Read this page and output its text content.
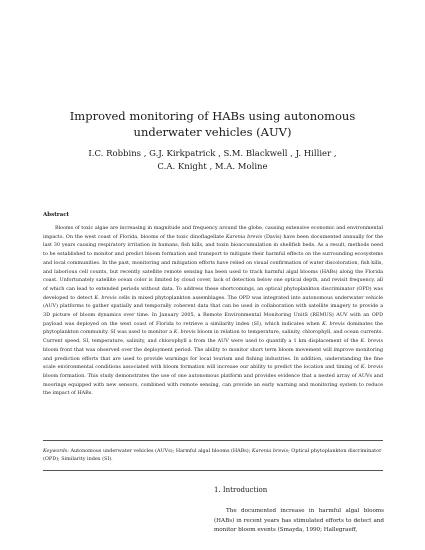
Improved monitoring of HABs using autonomous underwater vehicles (AUV)
I.C. Robbins , G.J. Kirkpatrick , S.M. Blackwell , J. Hillier ,
C.A. Knight , M.A. Moline
Abstract

Blooms of toxic algae are increasing in magnitude and frequency around the globe, causing extensive economic and environmental impacts. On the west coast of Florida, blooms of the toxic dinoflagellate Karenia brevis (Davis) have been documented annually for the last 30 years causing respiratory irritation in humans, fish kills, and toxin bioaccumulation in shellfish beds. As a result, methods need to be established to monitor and predict bloom formation and transport to mitigate their harmful effects on the surrounding ecosystems and local communities. In the past, monitoring and mitigation efforts have relied on visual confirmation of water discoloration, fish kills, and laborious cell counts, but recently satellite remote sensing has been used to track harmful algal blooms (HABs) along the Florida coast. Unfortunately satellite ocean color is limited by cloud cover, lack of detection below one optical depth, and revisit frequency, all of which can lead to extended periods without data. To address these shortcomings, an optical phytoplankton discriminator (OPD) was developed to detect K. brevis cells in mixed phytoplankton assemblages. The OPD was integrated into autonomous underwater vehicle (AUV) platforms to gather spatially and temporally coherent data that can be used in collaboration with satellite imagery to provide a 3D picture of bloom dynamics over time. In January 2005, a Remote Environmental Monitoring UnitS (REMUS) AUV with an OPD payload was deployed on the west coast of Florida to retrieve a similarity index (SI), which indicates when K. brevis dominates the phytoplankton community. SI was used to monitor a K. brevis bloom in relation to temperature, salinity, chlorophyll, and ocean currents. Current speed, SI, temperature, salinity, and chlorophyll a from the AUV were used to quantify a 1 km displacement of the K. brevis bloom front that was observed over the deployment period. The ability to monitor short term bloom movement will improve monitoring and prediction efforts that are used to provide warnings for local tourism and fishing industries. In addition, understanding the fine scale environmental conditions associated with bloom formation will increase our ability to predict the location and timing of K. brevis bloom formation. This study demonstrates the use of one autonomous platform and provides evidence that a nested array of AUVs and moorings equipped with new sensors, combined with remote sensing, can provide an early warning and monitoring system to reduce the impact of HABs.

Keywords: Autonomous underwater vehicles (AUVs); Harmful algal blooms (HABs); Karenia brevis; Optical phytoplankton discriminator (OPD); Similarity index (SI).
1. Introduction

The documented increase in harmful algal blooms (HABs) in recent years has stimulated efforts to detect and monitor bloom events (Smayda, 1990; Hallegraeff,
